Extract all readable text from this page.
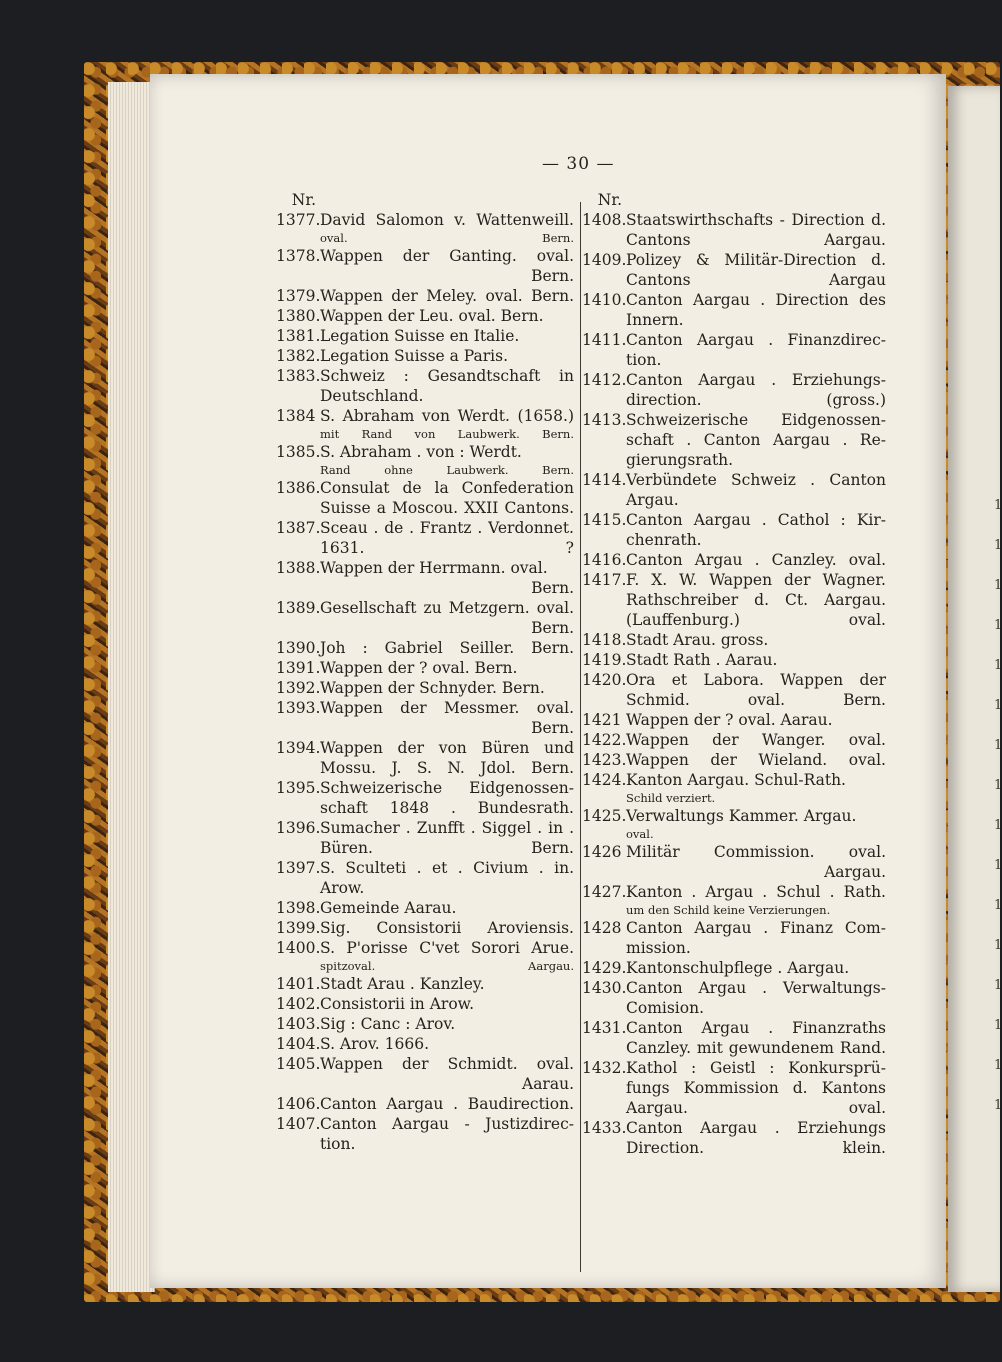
1
1
1
1
1
1
1
1
1
1
1
1
1
1
1
1
— 30 —
Nr.
1377. David Salomon v. Wattenweill.
oval. Bern.
1378. Wappen der Ganting. oval.
Bern.
1379. Wappen der Meley. oval. Bern.
1380. Wappen der Leu. oval. Bern.
1381. Legation Suisse en Italie.
1382. Legation Suisse a Paris.
1383. Schweiz : Gesandtschaft in Deutschland.
1384 S. Abraham von Werdt. (1658.)
mit Rand von Laubwerk. Bern.
1385. S. Abraham . von : Werdt.
Rand ohne Laubwerk. Bern.
1386. Consulat de la Confederation Suisse a Moscou. XXII Cantons.
1387. Sceau . de . Frantz . Verdonnet. 1631. ?
1388. Wappen der Herrmann. oval.
Bern.
1389. Gesellschaft zu Metzgern. oval.
Bern.
1390. Joh : Gabriel Seiller. Bern.
1391. Wappen der ? oval. Bern.
1392. Wappen der Schnyder. Bern.
1393. Wappen der Messmer. oval.
Bern.
1394. Wappen der von Büren und Mossu. J. S. N. Jdol. Bern.
1395. Schweizerische Eidgenossen-schaft 1848 . Bundesrath.
1396. Sumacher . Zunfft . Siggel . in . Büren. Bern.
1397. S. Sculteti . et . Civium . in. Arow.
1398. Gemeinde Aarau.
1399. Sig. Consistorii Aroviensis.
1400. S. P'orisse C'vet Sorori Arue.
spitzoval. Aargau.
1401. Stadt Arau . Kanzley.
1402. Consistorii in Arow.
1403. Sig : Canc : Arov.
1404. S. Arov. 1666.
1405. Wappen der Schmidt. oval.
Aarau.
1406. Canton Aargau . Baudirection.
1407. Canton Aargau - Justizdirec-tion.
Nr.
1408. Staatswirthschafts - Direction d. Cantons Aargau.
1409. Polizey & Militär-Direction d. Cantons Aargau
1410. Canton Aargau . Direction des Innern.
1411. Canton Aargau . Finanzdirec-tion.
1412. Canton Aargau . Erziehungs-direction. (gross.)
1413. Schweizerische Eidgenossen-schaft . Canton Aargau . Re-gierungsrath.
1414. Verbündete Schweiz . Canton Argau.
1415. Canton Aargau . Cathol : Kir-chenrath.
1416. Canton Argau . Canzley. oval.
1417. F. X. W. Wappen der Wagner. Rathschreiber d. Ct. Aargau. (Lauffenburg.) oval.
1418. Stadt Arau. gross.
1419. Stadt Rath . Aarau.
1420. Ora et Labora. Wappen der Schmid. oval. Bern.
1421 Wappen der ? oval. Aarau.
1422. Wappen der Wanger. oval.
1423. Wappen der Wieland. oval.
1424. Kanton Aargau. Schul-Rath.
Schild verziert.
1425. Verwaltungs Kammer. Argau.
oval.
1426 Militär Commission. oval.
Aargau.
1427. Kanton . Argau . Schul . Rath.
um den Schild keine Verzierungen.
1428 Canton Aargau . Finanz Com-mission.
1429. Kantonschulpflege . Aargau.
1430. Canton Argau . Verwaltungs-Comision.
1431. Canton Argau . Finanzraths Canzley. mit gewundenem Rand.
1432. Kathol : Geistl : Konkursprü-fungs Kommission d. Kantons Aargau. oval.
1433. Canton Aargau . Erziehungs Direction. klein.
